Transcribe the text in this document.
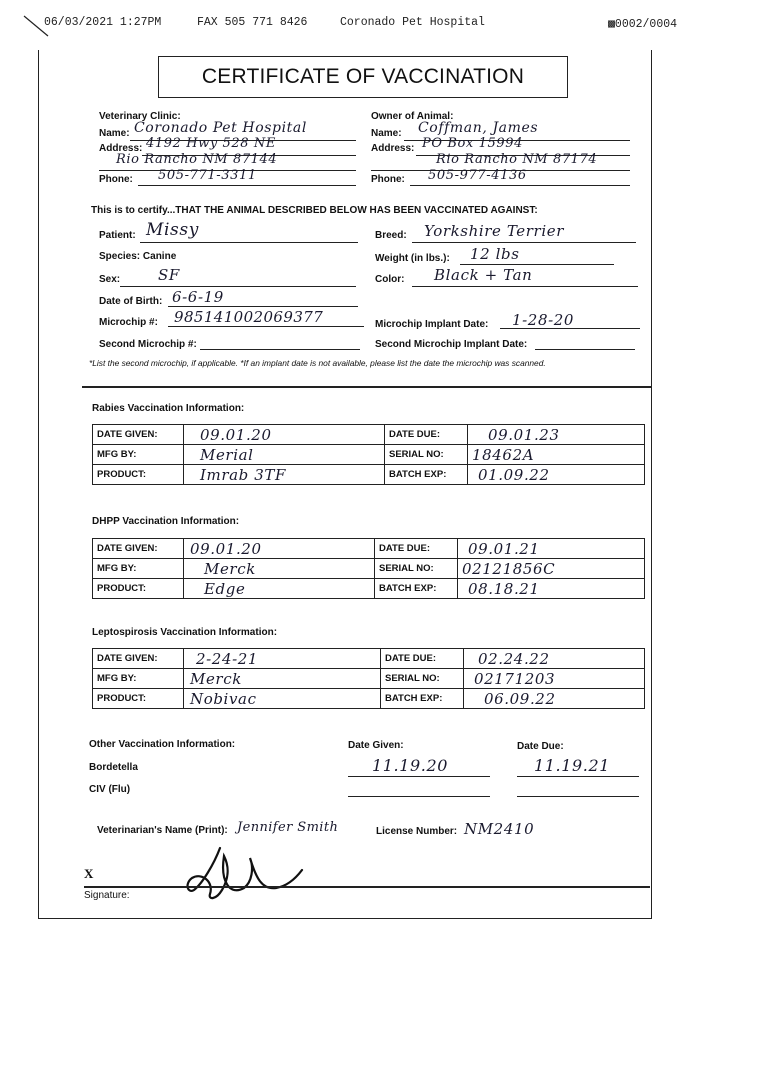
06/03/2021 1:27PM	FAX 505 771 8426	Coronado Pet Hospital	▩0002/0004
CERTIFICATE OF VACCINATION
Veterinary Clinic:
Name: Coronado Pet Hospital
Address: 4192 Hwy 528 NE
Rio Rancho NM 87144
Phone: 505-771-3311
Owner of Animal:
Name: Coffman, James
Address: PO Box 15994
Rio Rancho NM 87174
Phone: 505-977-4136
This is to certify...THAT THE ANIMAL DESCRIBED BELOW HAS BEEN VACCINATED AGAINST:
Patient: Missy	Breed: Yorkshire Terrier
Species: Canine	Weight (in lbs.): 12 lbs
Sex:	SF	Color: Black + Tan
Date of Birth: 6-6-19
Microchip #: 985141002069377	Microchip Implant Date: 1-28-20
Second Microchip #:	Second Microchip Implant Date:
*List the second microchip, if applicable. *If an implant date is not available, please list the date the microchip was scanned.
Rabies Vaccination Information:
DATE GIVEN:	09.01.20	DATE DUE:	09.01.23
MFG BY:	Merial	SERIAL NO:	18462A
PRODUCT:	Imrab 3TF	BATCH EXP:	01.09.22
DHPP Vaccination Information:
DATE GIVEN:	09.01.20	DATE DUE:	09.01.21
MFG BY:	Merck	SERIAL NO:	02121856C
PRODUCT:	Edge	BATCH EXP:	08.18.21
Leptospirosis Vaccination Information:
DATE GIVEN:	2-24-21	DATE DUE:	02.24.22
MFG BY:	Merck	SERIAL NO:	02171203
PRODUCT:	Nobivac	BATCH EXP:	06.09.22
Other Vaccination Information:	Date Given:	Date Due:
Bordetella	11.19.20	11.19.21
CIV (Flu)
Veterinarian's Name (Print): Jennifer Smith	License Number: NM2410
X
Signature:
